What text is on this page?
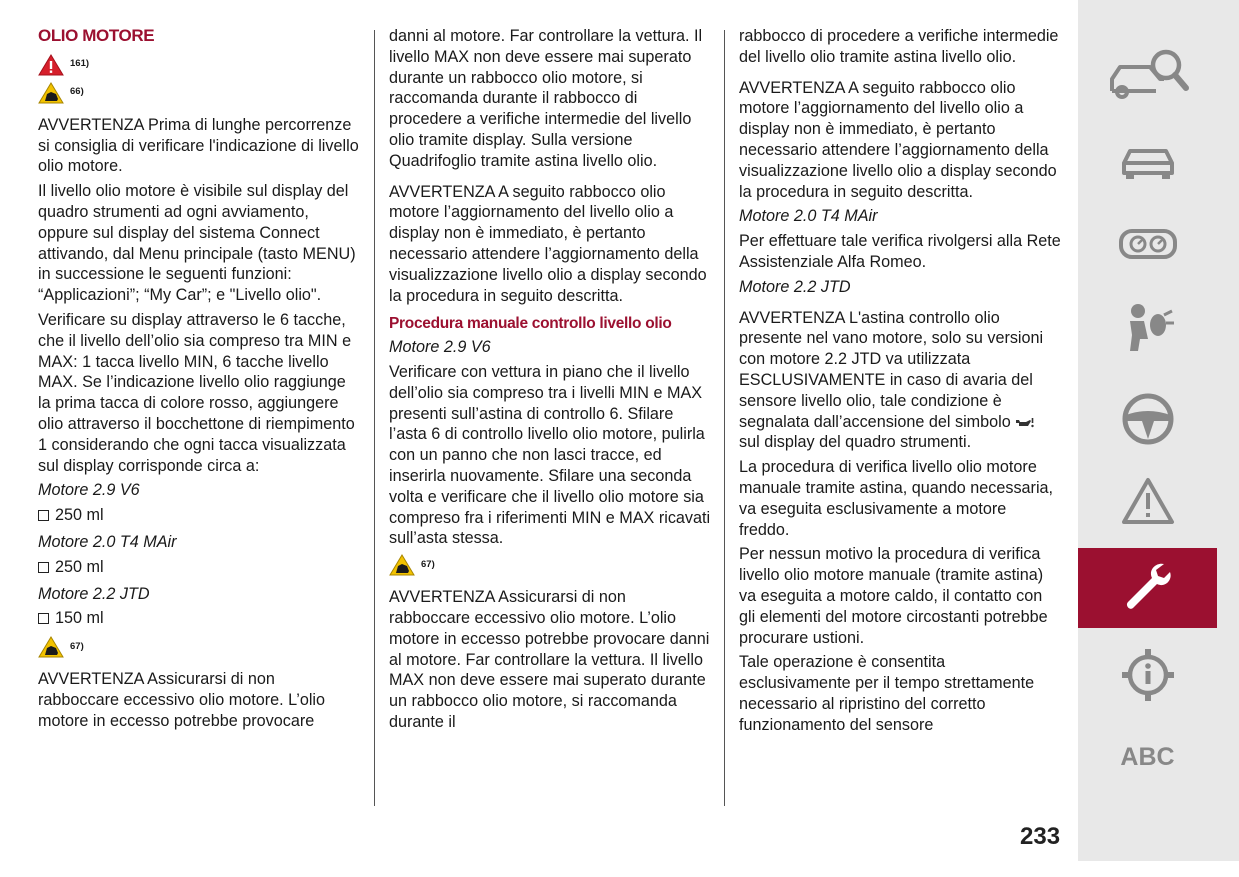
OLIO MOTORE
161)
66)

AVVERTENZA Prima di lunghe percorrenze si consiglia di verificare l'indicazione di livello olio motore.

Il livello olio motore è visibile sul display del quadro strumenti ad ogni avviamento, oppure sul display del sistema Connect attivando, dal Menu principale (tasto MENU) in successione le seguenti funzioni: “Applicazioni”; “My Car”; e "Livello olio".

Verificare su display attraverso le 6 tacche, che il livello dell’olio sia compreso tra MIN e MAX: 1 tacca livello MIN, 6 tacche livello MAX. Se l’indicazione livello olio raggiunge la prima tacca di colore rosso, aggiungere olio attraverso il bocchettone di riempimento 1 considerando che ogni tacca visualizzata sul display corrisponde circa a:

Motore 2.9 V6

250 ml

Motore 2.0 T4 MAir

250 ml

Motore 2.2 JTD

150 ml
67)

AVVERTENZA Assicurarsi di non rabboccare eccessivo olio motore. L’olio motore in eccesso potrebbe provocare

danni al motore. Far controllare la vettura. Il livello MAX non deve essere mai superato durante un rabbocco olio motore, si raccomanda durante il rabbocco di procedere a verifiche intermedie del livello olio tramite display. Sulla versione Quadrifoglio tramite astina livello olio.

AVVERTENZA A seguito rabbocco olio motore l’aggiornamento del livello olio a display non è immediato, è pertanto necessario attendere l’aggiornamento della visualizzazione livello olio a display secondo la procedura in seguito descritta.

Procedura manuale controllo livello olio

Motore 2.9 V6

Verificare con vettura in piano che il livello dell’olio sia compreso tra i livelli MIN e MAX presenti sull’astina di controllo 6. Sfilare l’asta 6 di controllo livello olio motore, pulirla con un panno che non lasci tracce, ed inserirla nuovamente. Sfilare una seconda volta e verificare che il livello olio motore sia compreso fra i riferimenti MIN e MAX ricavati sull’asta stessa.

67)

AVVERTENZA Assicurarsi di non rabboccare eccessivo olio motore. L’olio motore in eccesso potrebbe provocare danni al motore. Far controllare la vettura. Il livello MAX non deve essere mai superato durante un rabbocco olio motore, si raccomanda durante il

rabbocco di procedere a verifiche intermedie del livello olio tramite astina livello olio.

AVVERTENZA A seguito rabbocco olio motore l’aggiornamento del livello olio a display non è immediato, è pertanto necessario attendere l’aggiornamento della visualizzazione livello olio a display secondo la procedura in seguito descritta.

Motore 2.0 T4 MAir

Per effettuare tale verifica rivolgersi alla Rete Assistenziale Alfa Romeo.

Motore 2.2 JTD

AVVERTENZA L'astina controllo olio presente nel vano motore, solo su versioni con motore 2.2 JTD va utilizzata ESCLUSIVAMENTE in caso di avaria del sensore livello olio, tale condizione è segnalata dall’accensione del simbolo  sul display del quadro strumenti.

La procedura di verifica livello olio motore manuale tramite astina, quando necessaria, va eseguita esclusivamente a motore freddo.

Per nessun motivo la procedura di verifica livello olio motore manuale (tramite astina) va eseguita a motore caldo, il contatto con gli elementi del motore circostanti potrebbe procurare ustioni.

Tale operazione è consentita esclusivamente per il tempo strettamente necessario al ripristino del corretto funzionamento del sensore

ABC
233
